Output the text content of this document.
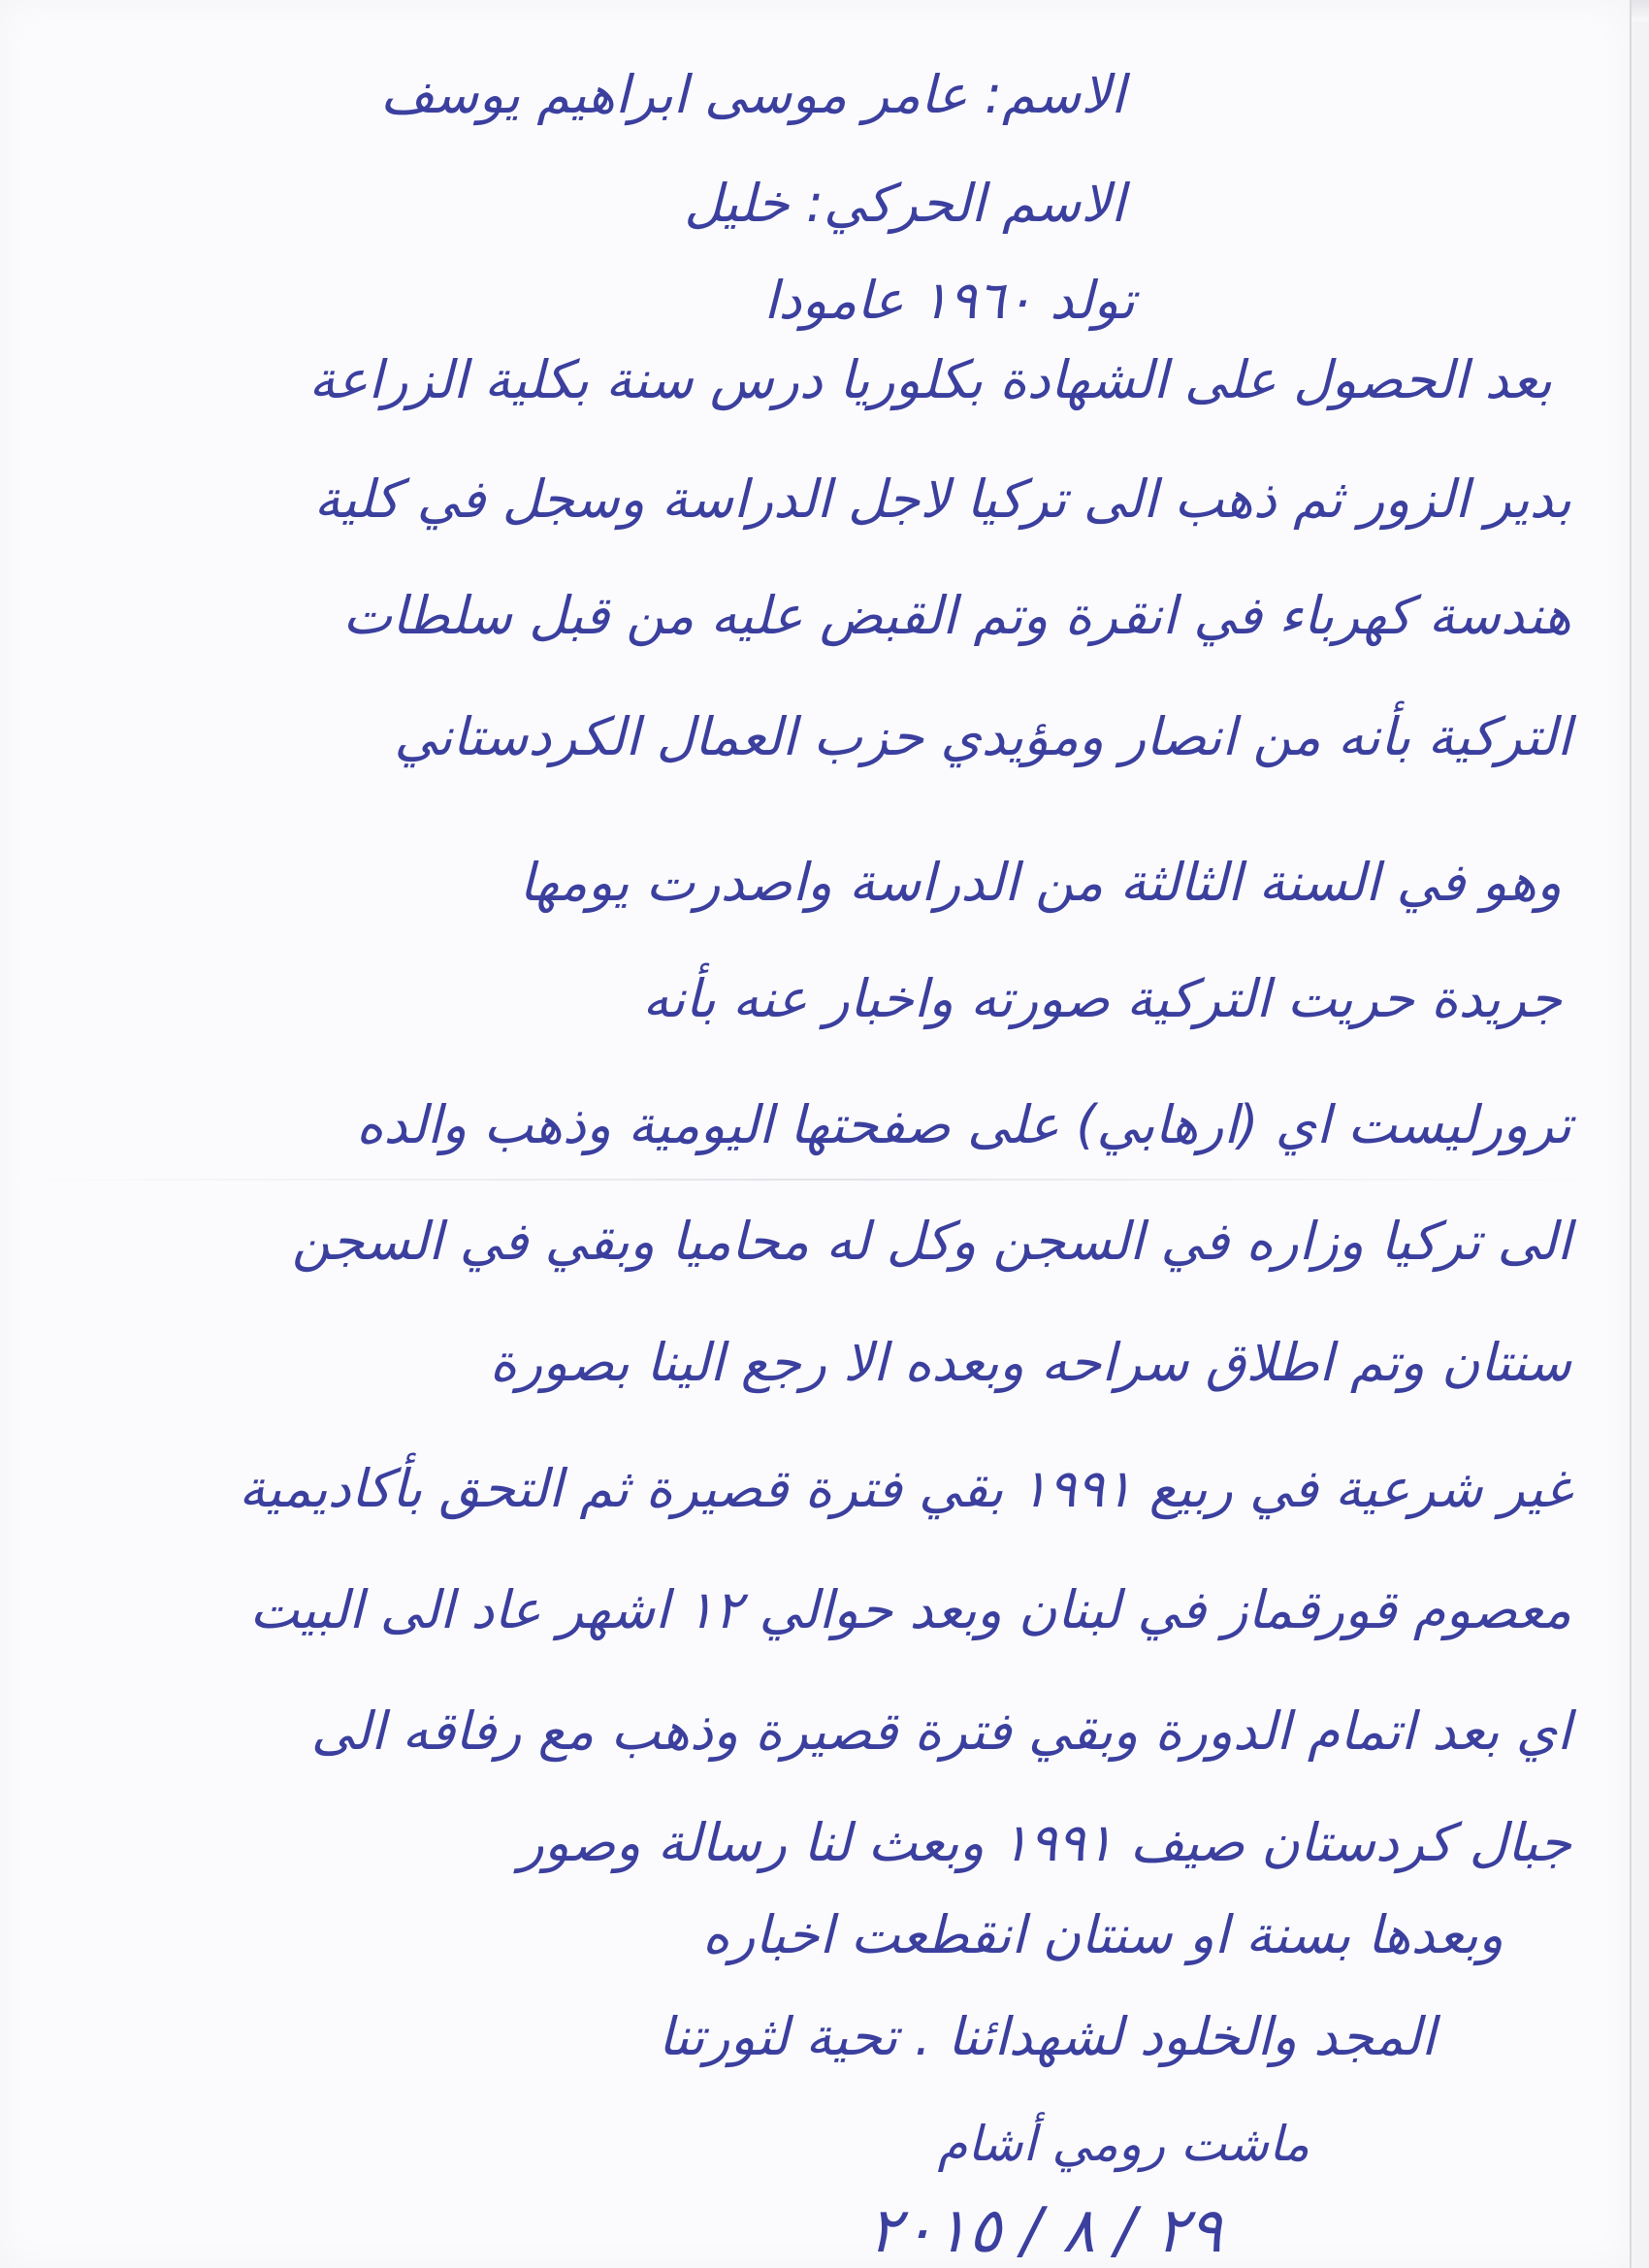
الاسم: عامر موسى ابراهيم يوسف
الاسم الحركي: خليل
تولد ١٩٦٠ عامودا
بعد الحصول على الشهادة بكلوريا درس سنة بكلية الزراعة
بدير الزور ثم ذهب الى تركيا لاجل الدراسة وسجل في كلية
هندسة كهرباء في انقرة وتم القبض عليه من قبل سلطات
التركية بأنه من انصار ومؤيدي حزب العمال الكردستاني
وهو في السنة الثالثة من الدراسة واصدرت يومها
جريدة حريت التركية صورته واخبار عنه بأنه
ترورليست اي (ارهابي) على صفحتها اليومية وذهب والده
الى تركيا وزاره في السجن وكل له محاميا وبقي في السجن
سنتان وتم اطلاق سراحه وبعده الا رجع الينا بصورة
غير شرعية في ربيع ١٩٩١ بقي فترة قصيرة ثم التحق بأكاديمية
معصوم قورقماز في لبنان وبعد حوالي ١٢ اشهر عاد الى البيت
اي بعد اتمام الدورة وبقي فترة قصيرة وذهب مع رفاقه الى
جبال كردستان صيف ١٩٩١ وبعث لنا رسالة وصور
وبعدها بسنة او سنتان انقطعت اخباره
المجد والخلود لشهدائنا . تحية لثورتنا
ماشت رومي أشام
٢٩ / ٨ / ٢٠١٥
